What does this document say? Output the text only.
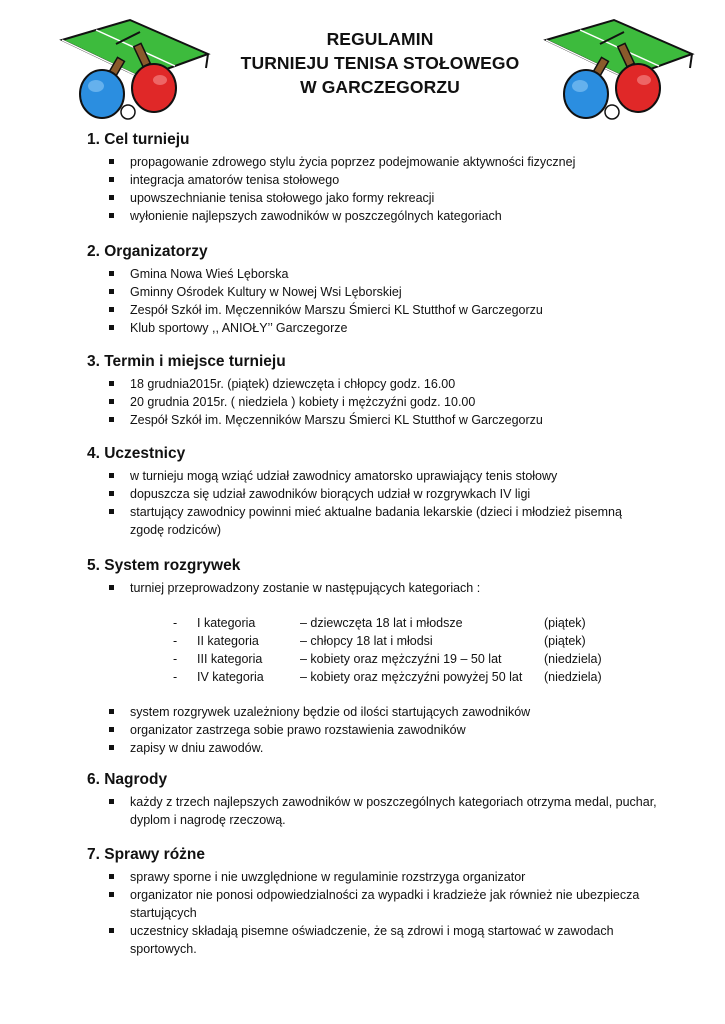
REGULAMIN
TURNIEJU TENISA STOŁOWEGO
W GARCZEGORZU
1. Cel turnieju
propagowanie zdrowego stylu życia poprzez podejmowanie aktywności fizycznej
integracja amatorów tenisa stołowego
upowszechnianie tenisa stołowego jako formy rekreacji
wyłonienie najlepszych zawodników w poszczególnych kategoriach
2. Organizatorzy
Gmina Nowa Wieś Lęborska
Gminny Ośrodek Kultury w Nowej Wsi Lęborskiej
Zespół Szkół im. Męczenników Marszu Śmierci KL Stutthof w Garczegorzu
Klub sportowy ,, ANIOŁY’’ Garczegorze
3. Termin i miejsce turnieju
18 grudnia2015r. (piątek) dziewczęta i chłopcy godz. 16.00
20 grudnia 2015r. ( niedziela ) kobiety i mężczyźni godz. 10.00
Zespół Szkół im. Męczenników Marszu Śmierci KL Stutthof w Garczegorzu
4. Uczestnicy
w turnieju mogą wziąć udział zawodnicy amatorsko uprawiający tenis stołowy
dopuszcza się udział zawodników biorących udział w rozgrywkach IV ligi
startujący zawodnicy powinni mieć aktualne badania lekarskie (dzieci i młodzież pisemną zgodę rodziców)
5. System rozgrywek
turniej przeprowadzony zostanie w następujących kategoriach :
- I kategoria	– dziewczęta 18 lat i młodsze	(piątek)
- II kategoria	– chłopcy 18 lat i młodsi	(piątek)
- III kategoria	– kobiety oraz mężczyźni 19 – 50 lat	(niedziela)
- IV kategoria	– kobiety oraz mężczyźni powyżej 50 lat (niedziela)
system rozgrywek uzależniony będzie od ilości startujących zawodników
organizator zastrzega sobie prawo rozstawienia zawodników
zapisy w dniu zawodów.
6. Nagrody
każdy z trzech najlepszych zawodników w poszczególnych kategoriach otrzyma medal, puchar, dyplom i nagrodę rzeczową.
7. Sprawy różne
sprawy sporne i nie uwzględnione w regulaminie rozstrzyga organizator
organizator nie ponosi odpowiedzialności za wypadki i kradzieże jak również nie ubezpiecza startujących
uczestnicy składają pisemne oświadczenie, że są zdrowi i mogą startować w zawodach sportowych.
